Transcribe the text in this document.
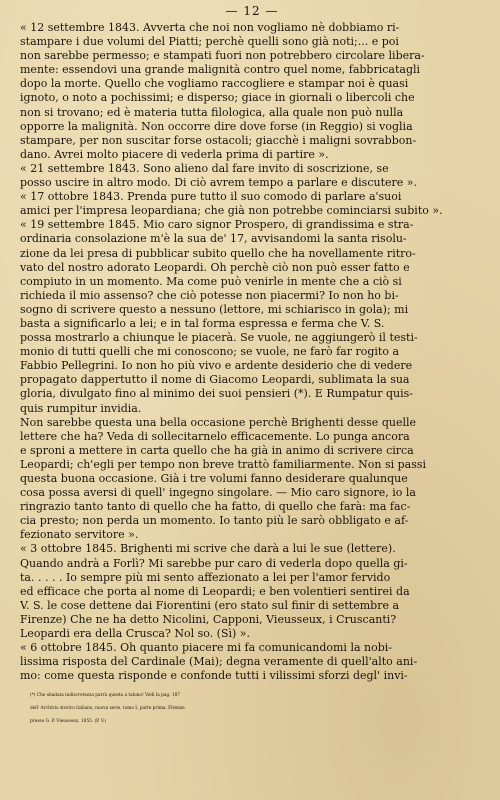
— 12 —
« 12 settembre 1843. Avverta che noi non vogliamo nè dobbiamo ri-
stampare i due volumi del Piatti; perchè quelli sono già noti;... e poi
non sarebbe permesso; e stampati fuori non potrebbero circolare libera-
mente: essendovi una grande malignità contro quel nome, fabbricatagli
dopo la morte. Quello che vogliamo raccogliere e stampar noi è quasi
ignoto, o noto a pochissimi; e disperso; giace in giornali o libercoli che
non si trovano; ed è materia tutta filologica, alla quale non può nulla
opporre la malignità. Non occorre dire dove forse (in Reggio) si voglia
stampare, per non suscitar forse ostacoli; giacchè i maligni sovrabbon-
dano. Avrei molto piacere di vederla prima di partire ».
« 21 settembre 1843. Sono alieno dal fare invito di soscrizione, se
posso uscire in altro modo. Di ciò avrem tempo a parlare e discutere ».
« 17 ottobre 1843. Prenda pure tutto il suo comodo di parlare a'suoi
amici per l'impresa leopardiana; che già non potrebbe cominciarsi subito ».
« 19 settembre 1845. Mio caro signor Prospero, di grandissima e stra-
ordinaria consolazione m'è la sua de' 17, avvisandomi la santa risolu-
zione da lei presa di pubblicar subito quello che ha novellamente ritro-
vato del nostro adorato Leopardi. Oh perchè ciò non può esser fatto e
compiuto in un momento. Ma come può venirle in mente che a ciò si
richieda il mio assenso? che ciò potesse non piacermi? Io non ho bi-
sogno di scrivere questo a nessuno (lettore, mi schiarisco in gola); mi
basta a significarlo a lei; e in tal forma espressa e ferma che V. S.
possa mostrarlo a chiunque le piacerà. Se vuole, ne aggiungerò il testi-
monio di tutti quelli che mi conoscono; se vuole, ne farò far rogito a
Fabbio Pellegrini. Io non ho più vivo e ardente desiderio che di vedere
propagato dappertutto il nome di Giacomo Leopardi, sublimata la sua
gloria, divulgato fino al minimo dei suoi pensieri (*). E Rumpatur quis-
quis rumpitur invidia.
Non sarebbe questa una bella occasione perchè Brighenti desse quelle
lettere che ha? Veda di sollecitarnelo efficacemente. Lo punga ancora
e sproni a mettere in carta quello che ha già in animo di scrivere circa
Leopardi; ch'egli per tempo non breve trattò familiarmente. Non si passi
questa buona occasione. Già i tre volumi fanno desiderare qualunque
cosa possa aversi di quell' ingegno singolare. — Mio caro signore, io la
ringrazio tanto tanto di quello che ha fatto, di quello che farà: ma fac-
cia presto; non perda un momento. Io tanto più le sarò obbligato e af-
fezionato servitore ».
« 3 ottobre 1845. Brighenti mi scrive che darà a lui le sue (lettere).
Quando andrà a Forlì? Mi sarebbe pur caro di vederla dopo quella gi-
ta. . . . . Io sempre più mi sento affezionato a lei per l'amor fervido
ed efficace che porta al nome di Leopardi; e ben volentieri sentirei da
V. S. le cose dettene dai Fiorentini (ero stato sul finir di settembre a
Firenze) Che ne ha detto Nicolini, Capponi, Vieusseux, i Cruscanti?
Leopardi era della Crusca? Nol so. (Sì) ».
« 6 ottobre 1845. Oh quanto piacere mi fa comunicandomi la nobi-
lissima risposta del Cardinale (Mai); degna veramente di quell'alto ani-
mo: come questa risponde e confonde tutti i vilissimi sforzi degl' invi-
(*) Che sbadata indiscretezza parrà questa a taluno! Vedi la pag. 187
dell' Archivio storico italiano, nuova serie, tomo I, parte prima. Firenze
presso G. P. Vieusseux, 1855. (P. V.)
